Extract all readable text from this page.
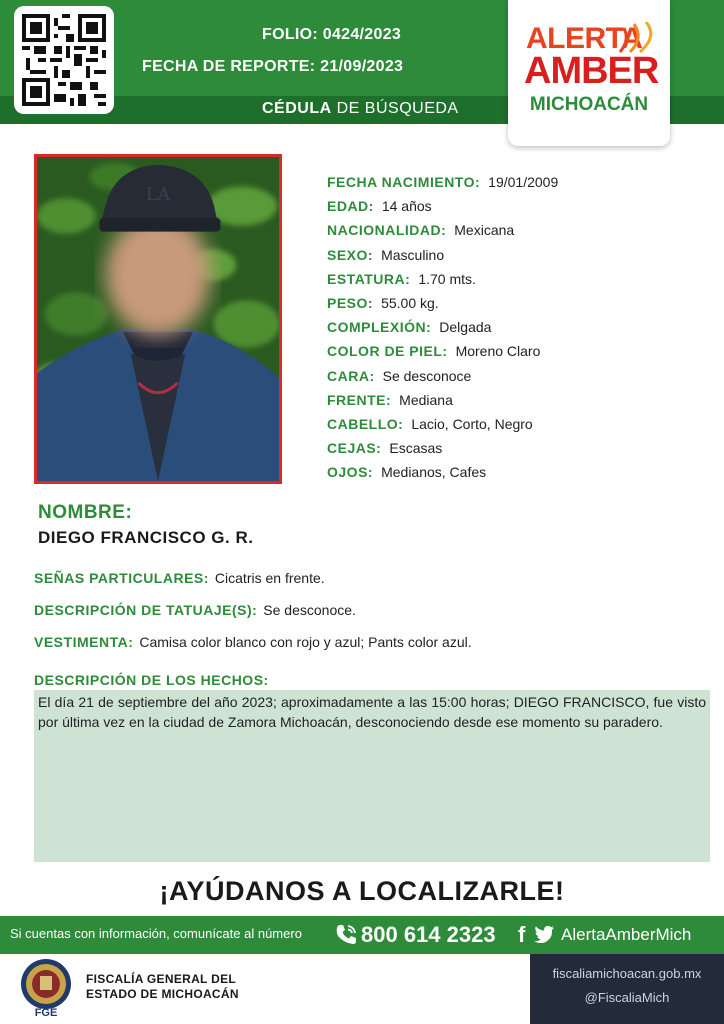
FOLIO: 0424/2023
FECHA DE REPORTE: 21/09/2023
CÉDULA DE BÚSQUEDA
ALERTA
AMBER
MICHOACÁN
LA
FECHA NACIMIENTO: 19/01/2009
EDAD: 14 años
NACIONALIDAD: Mexicana
SEXO: Masculino
ESTATURA: 1.70 mts.
PESO: 55.00 kg.
COMPLEXIÓN: Delgada
COLOR DE PIEL: Moreno Claro
CARA: Se desconoce
FRENTE: Mediana
CABELLO: Lacio, Corto, Negro
CEJAS: Escasas
OJOS: Medianos, Cafes
NOMBRE:
DIEGO FRANCISCO G. R.
SEÑAS PARTICULARES: Cicatris en frente.
DESCRIPCIÓN DE TATUAJE(S): Se desconoce.
VESTIMENTA: Camisa color blanco con rojo y azul; Pants color azul.
DESCRIPCIÓN DE LOS HECHOS:
El día 21 de septiembre del año 2023; aproximadamente a las 15:00 horas; DIEGO FRANCISCO, fue visto por última vez en la ciudad de Zamora Michoacán, desconociendo desde ese momento su paradero.
¡AYÚDANOS A LOCALIZARLE!
Si cuentas con información, comunícate al número	800 614 2323 f AlertaAmberMich
FGE
FISCALÍA GENERAL DEL
ESTADO DE MICHOACÁN
fiscaliamichoacan.gob.mx
@FiscaliaMich
